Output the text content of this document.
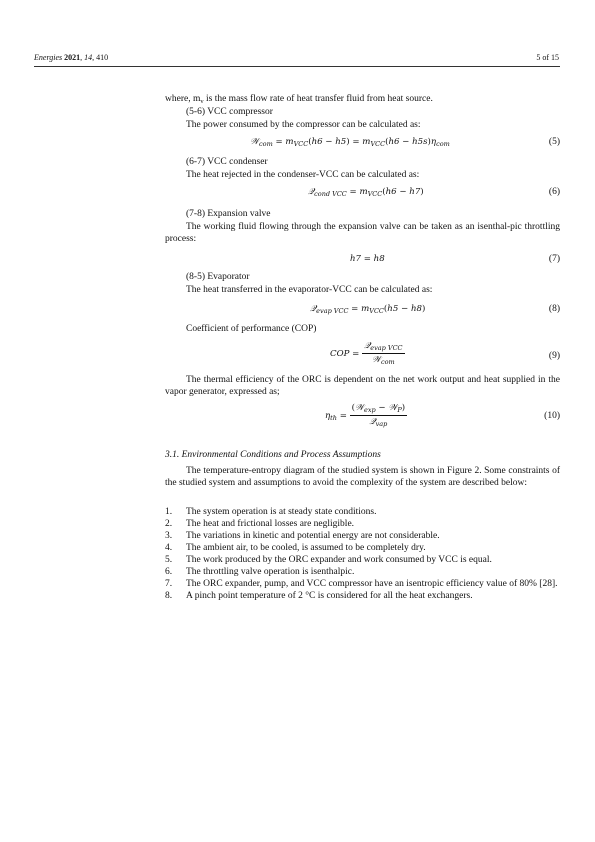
Energies 2021, 14, 410	5 of 15
where, $m_v$ is the mass flow rate of heat transfer fluid from heat source.
(5-6) VCC compressor
The power consumed by the compressor can be calculated as:
𝒲$_{com}$ = $m_{VCC}(h6 - h5) = m_{VCC}(h6 - h5s)\eta_{com}$	(5)
(6-7) VCC condenser
The heat rejected in the condenser-VCC can be calculated as:
𝒬$_{cond VCC}$ = $m_{VCC}(h6 - h7)$	(6)
(7-8) Expansion valve
The working fluid flowing through the expansion valve can be taken as an isenthal-pic throttling process:
h7 = h8	(7)
(8-5) Evaporator
The heat transferred in the evaporator-VCC can be calculated as:
𝒬$_{evap VCC}$ = $m_{VCC}(h5 - h8)$	(8)
Coefficient of performance (COP)
COP = $\frac{𝒬_{evap VCC}}{𝒲_{com}}$	(9)
The thermal efficiency of the ORC is dependent on the net work output and heat supplied in the vapor generator, expressed as;
$\eta_{th} = \frac{(𝒲_{exp} - 𝒲_P)}{𝒬_{vap}}$	(10)
3.1. Environmental Conditions and Process Assumptions
The temperature-entropy diagram of the studied system is shown in Figure 2. Some constraints of the studied system and assumptions to avoid the complexity of the system are described below:
1. The system operation is at steady state conditions.
2. The heat and frictional losses are negligible.
3. The variations in kinetic and potential energy are not considerable.
4. The ambient air, to be cooled, is assumed to be completely dry.
5. The work produced by the ORC expander and work consumed by VCC is equal.
6. The throttling valve operation is isenthalpic.
7. The ORC expander, pump, and VCC compressor have an isentropic efficiency value of 80% [28].
8. A pinch point temperature of 2 °C is considered for all the heat exchangers.
